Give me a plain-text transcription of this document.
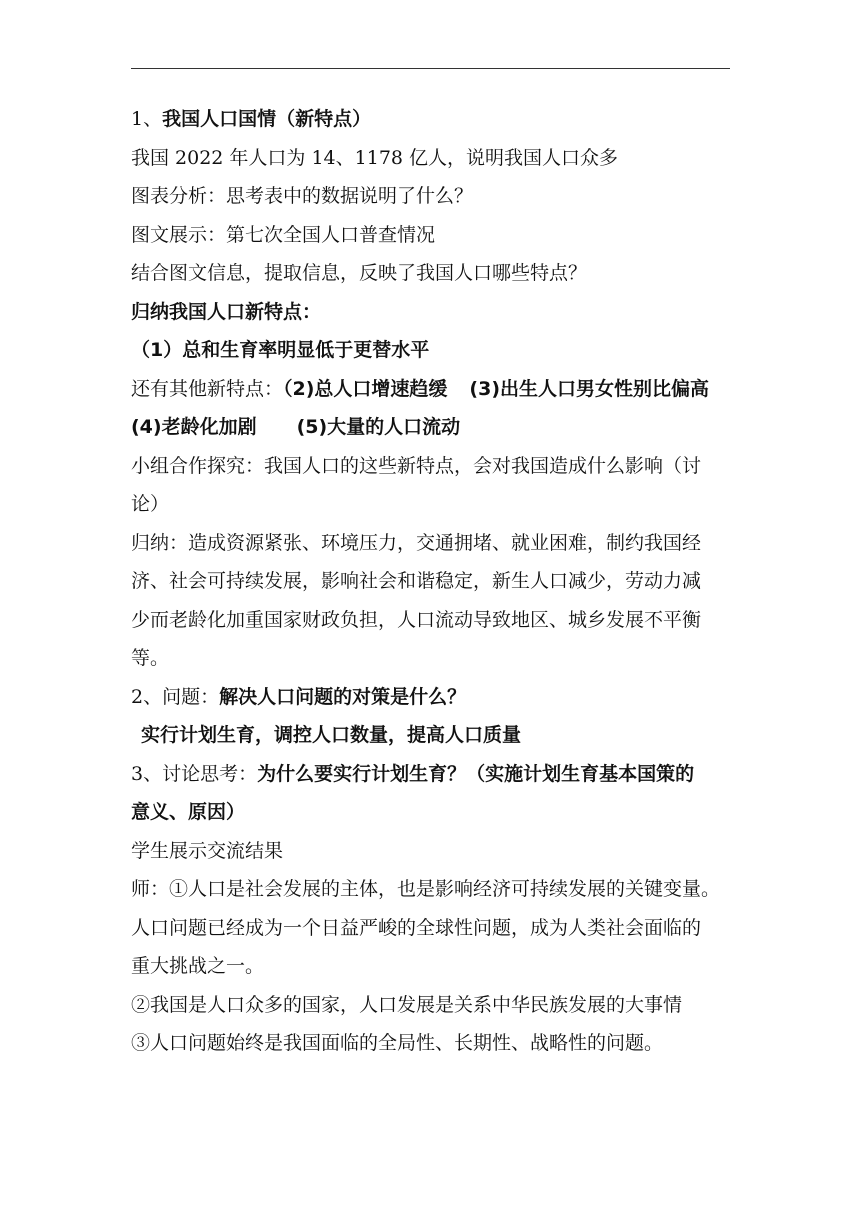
1、我国人口国情（新特点）
我国 2022 年人口为 14、1178 亿人，说明我国人口众多
图表分析：思考表中的数据说明了什么？
图文展示：第七次全国人口普查情况
结合图文信息，提取信息，反映了我国人口哪些特点？
归纳我国人口新特点：
（1）总和生育率明显低于更替水平
还有其他新特点：（2)总人口增速趋缓 (3)出生人口男女性别比偏高
(4)老龄化加剧 (5)大量的人口流动
小组合作探究：我国人口的这些新特点，会对我国造成什么影响（讨
论）
归纳：造成资源紧张、环境压力，交通拥堵、就业困难，制约我国经
济、社会可持续发展，影响社会和谐稳定，新生人口减少，劳动力减
少而老龄化加重国家财政负担，人口流动导致地区、城乡发展不平衡
等。
2、问题：解决人口问题的对策是什么？
实行计划生育，调控人口数量，提高人口质量
3、讨论思考：为什么要实行计划生育？（实施计划生育基本国策的
意义、原因）
学生展示交流结果
师：①人口是社会发展的主体，也是影响经济可持续发展的关键变量。
人口问题已经成为一个日益严峻的全球性问题，成为人类社会面临的
重大挑战之一。
②我国是人口众多的国家，人口发展是关系中华民族发展的大事情
③人口问题始终是我国面临的全局性、长期性、战略性的问题。
